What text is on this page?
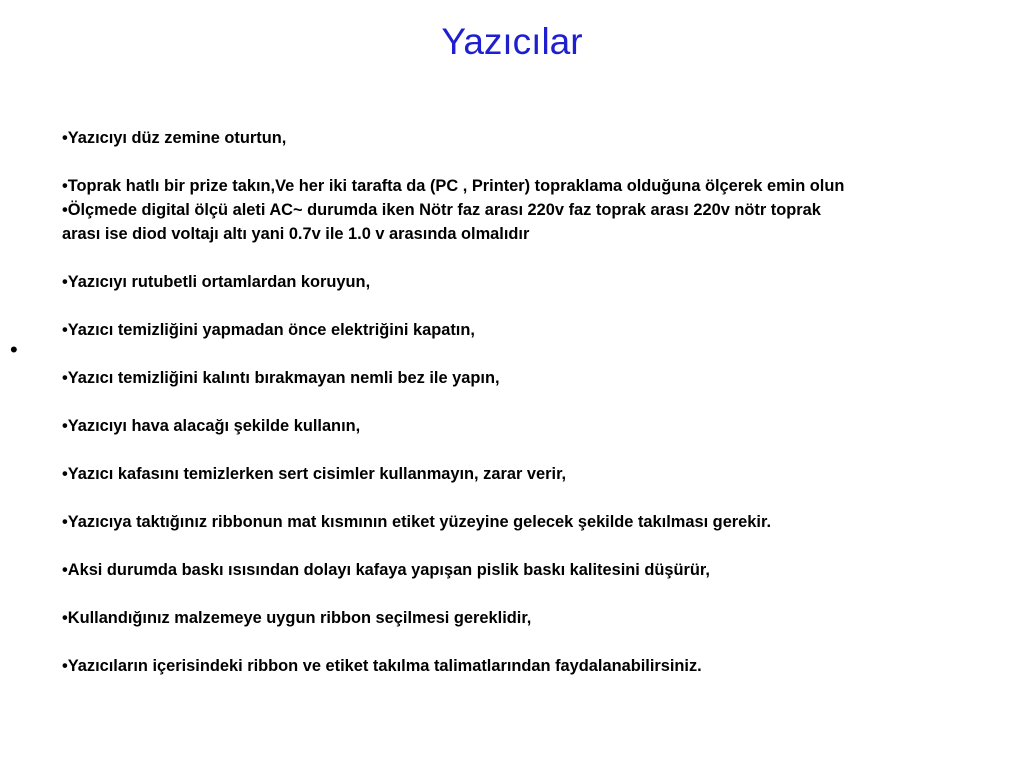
Yazıcılar
•

•Yazıcıyı düz zemine oturtun,

•Toprak hatlı bir prize takın,Ve her iki tarafta da (PC , Printer) topraklama olduğuna ölçerek emin olun

•Ölçmede digital ölçü aleti AC~ durumda iken Nötr faz arası 220v faz toprak arası 220v nötr toprak

arası ise diod voltajı altı yani 0.7v ile 1.0 v arasında olmalıdır

•Yazıcıyı rutubetli ortamlardan koruyun,

•Yazıcı temizliğini yapmadan önce elektriğini kapatın,

•Yazıcı temizliğini kalıntı bırakmayan nemli bez ile yapın,

•Yazıcıyı hava alacağı şekilde kullanın,

•Yazıcı kafasını temizlerken sert cisimler kullanmayın, zarar verir,

•Yazıcıya taktığınız ribbonun mat kısmının etiket yüzeyine gelecek şekilde takılması gerekir.

•Aksi durumda baskı ısısından dolayı kafaya yapışan pislik baskı kalitesini düşürür,

•Kullandığınız malzemeye uygun ribbon seçilmesi gereklidir,

•Yazıcıların içerisindeki ribbon ve etiket takılma talimatlarından faydalanabilirsiniz.
